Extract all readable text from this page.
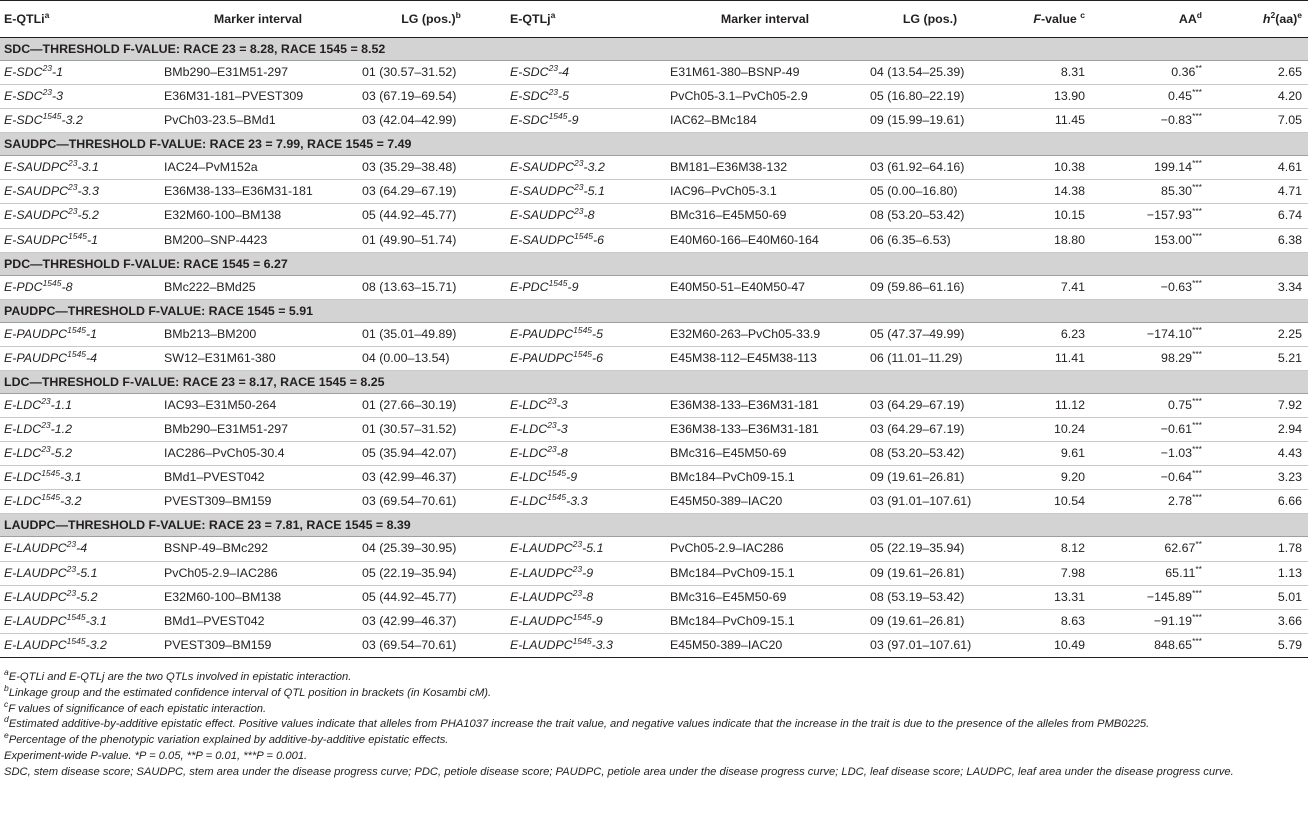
E-QTLi$^a$	Marker interval	LG $(pos.)^b$	E-QTLj$^a$	Marker interval	LG (pos.)	F-value $^c$	$AA^d$	$h^2(aa)^e$
SDC—THRESHOLD F-VALUE: RACE 23 = 8.28, RACE 1545 = 8.52								
E-SDC$^{23}$-1	BMb290–E31M51-297	01 (30.57–31.52)	E-SDC$^{23}$-4	E31M61-380–BSNP-49	04 (13.54–25.39)	8.31	0.36**	2.65
E-SDC$^{23}$-3	E36M31-181–PVEST309	03 (67.19–69.54)	E-SDC$^{23}$-5	PvCh05-3.1–PvCh05-2.9	05 (16.80–22.19)	13.90	0.45***	4.20
$E-SDC^{1545}-3.2$	PvCh03-23.5–BMd1	03 (42.04–42.99)	$E-SDC^{1545}-9$	IAC62–BMc184	09 (15.99–19.61)	11.45	−0.83***	7.05
SAUDPC—THRESHOLD F-VALUE: RACE 23 = 7.99, RACE 1545 = 7.49								
E-SAUDPC$^{23}$-3.1	IAC24–PvM152a	03 (35.29–38.48)	E-SAUDPC$^{23}$-3.2	BM181–E36M38-132	03 (61.92–64.16)	10.38	199.14***	4.61
E-SAUDPC$^{23}$-3.3	E36M38-133–E36M31-181	03 (64.29–67.19)	E-SAUDPC$^{23}$-5.1	IAC96–PvCh05-3.1	05 (0.00–16.80)	14.38	85.30***	4.71
E-SAUDPC$^{23}$-5.2	E32M60-100–BM138	05 (44.92–45.77)	E-SAUDPC$^{23}$-8	BMc316–E45M50-69	08 (53.20–53.42)	10.15	−157.93***	6.74
$E-SAUDPC^{1545}-1$	BM200–SNP-4423	01 (49.90–51.74)	$E-SAUDPC^{1545}-6$	E40M60-166–E40M60-164	06 (6.35–6.53)	18.80	153.00***	6.38
PDC—THRESHOLD F-VALUE: RACE 1545 = 6.27								
$E-PDC^{1545}-8$	BMc222–BMd25	08 (13.63–15.71)	$E-PDC^{1545}-9$	E40M50-51–E40M50-47	09 (59.86–61.16)	7.41	−0.63***	3.34
PAUDPC—THRESHOLD F-VALUE: RACE 1545 = 5.91								
$E-PAUDPC^{1545}-1$	BMb213–BM200	01 (35.01–49.89)	$E-PAUDPC^{1545}-5$	E32M60-263–PvCh05-33.9	05 (47.37–49.99)	6.23	−174.10***	2.25
$E-PAUDPC^{1545}-4$	SW12–E31M61-380	04 (0.00–13.54)	$E-PAUDPC^{1545}-6$	E45M38-112–E45M38-113	06 (11.01–11.29)	11.41	98.29***	5.21
LDC—THRESHOLD F-VALUE: RACE 23 = 8.17, RACE 1545 = 8.25								
E-LDC$^{23}$-1.1	IAC93–E31M50-264	01 (27.66–30.19)	E-LDC$^{23}$-3	E36M38-133–E36M31-181	03 (64.29–67.19)	11.12	0.75***	7.92
E-LDC$^{23}$-1.2	BMb290–E31M51-297	01 (30.57–31.52)	E-LDC$^{23}$-3	E36M38-133–E36M31-181	03 (64.29–67.19)	10.24	−0.61***	2.94
E-LDC$^{23}$-5.2	IAC286–PvCh05-30.4	05 (35.94–42.07)	E-LDC$^{23}$-8	BMc316–E45M50-69	08 (53.20–53.42)	9.61	−1.03***	4.43
$E-LDC^{1545}-3.1$	BMd1–PVEST042	03 (42.99–46.37)	$E-LDC^{1545}-9$	BMc184–PvCh09-15.1	09 (19.61–26.81)	9.20	−0.64***	3.23
$E-LDC^{1545}-3.2$	PVEST309–BM159	03 (69.54–70.61)	$E-LDC^{1545}-3.3$	E45M50-389–IAC20	03 (91.01–107.61)	10.54	2.78***	6.66
LAUDPC—THRESHOLD F-VALUE: RACE 23 = 7.81, RACE 1545 = 8.39								
E-LAUDPC$^{23}$-4	BSNP-49–BMc292	04 (25.39–30.95)	E-LAUDPC$^{23}$-5.1	PvCh05-2.9–IAC286	05 (22.19–35.94)	8.12	62.67**	1.78
E-LAUDPC$^{23}$-5.1	PvCh05-2.9–IAC286	05 (22.19–35.94)	E-LAUDPC$^{23}$-9	BMc184–PvCh09-15.1	09 (19.61–26.81)	7.98	65.11**	1.13
E-LAUDPC$^{23}$-5.2	E32M60-100–BM138	05 (44.92–45.77)	E-LAUDPC$^{23}$-8	BMc316–E45M50-69	08 (53.19–53.42)	13.31	−145.89***	5.01
$E-LAUDPC^{1545}-3.1$	BMd1–PVEST042	03 (42.99–46.37)	$E-LAUDPC^{1545}-9$	BMc184–PvCh09-15.1	09 (19.61–26.81)	8.63	−91.19***	3.66
$E-LAUDPC^{1545}-3.2$	PVEST309–BM159	03 (69.54–70.61)	$E-LAUDPC^{1545}-3.3$	E45M50-389–IAC20	03 (97.01–107.61)	10.49	848.65***	5.79
$^a$E-QTLi and E-QTLj are the two QTLs involved in epistatic interaction.
$^b$Linkage group and the estimated confidence interval of QTL position in brackets (in Kosambi cM).
$^c$F values of significance of each epistatic interaction.
$^d$Estimated additive-by-additive epistatic effect. Positive values indicate that alleles from PHA1037 increase the trait value, and negative values indicate that the increase in the trait is due to the presence of the alleles from PMB0225.
$^e$Percentage of the phenotypic variation explained by additive-by-additive epistatic effects.
Experiment-wide P-value. *P = 0.05, **P = 0.01, ***P = 0.001.
SDC, stem disease score; SAUDPC, stem area under the disease progress curve; PDC, petiole disease score; PAUDPC, petiole area under the disease progress curve; LDC, leaf disease score; LAUDPC, leaf area under the disease progress curve.
